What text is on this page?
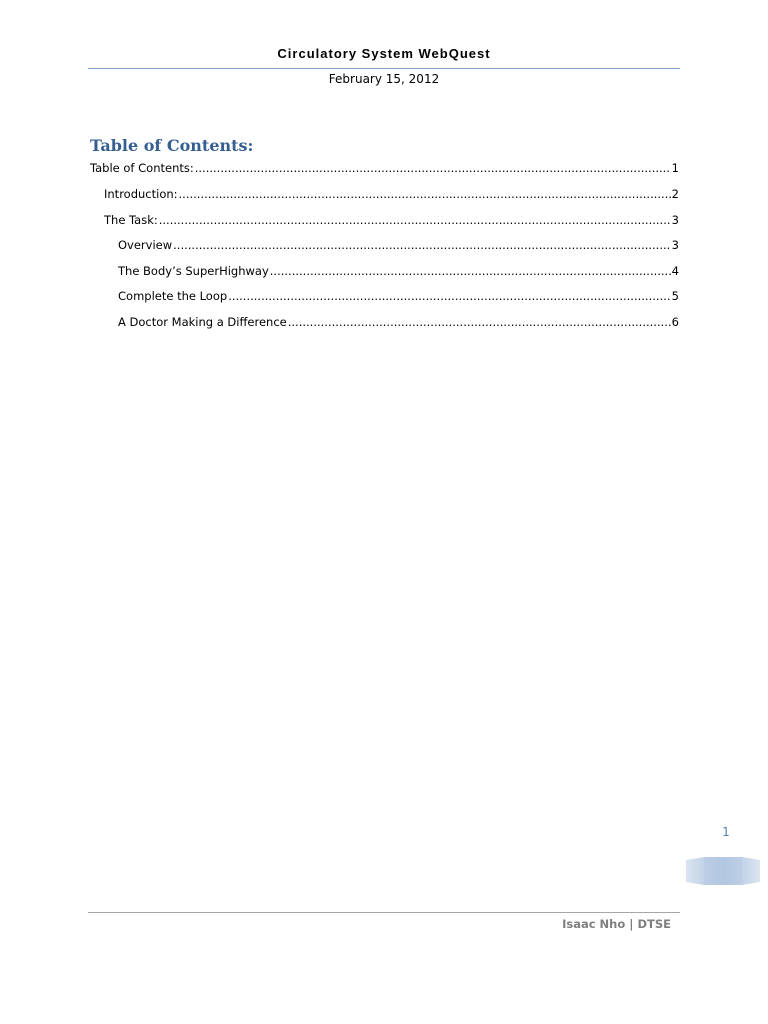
Circulatory System WebQuest
February 15, 2012
Table of Contents:
Table of Contents: .....	1
Introduction: .....	2
The Task: .....	3
Overview .....	3
The Body’s SuperHighway .....	4
Complete the Loop .....	5
A Doctor Making a Difference .....	6
1
Isaac Nho | DTSE
